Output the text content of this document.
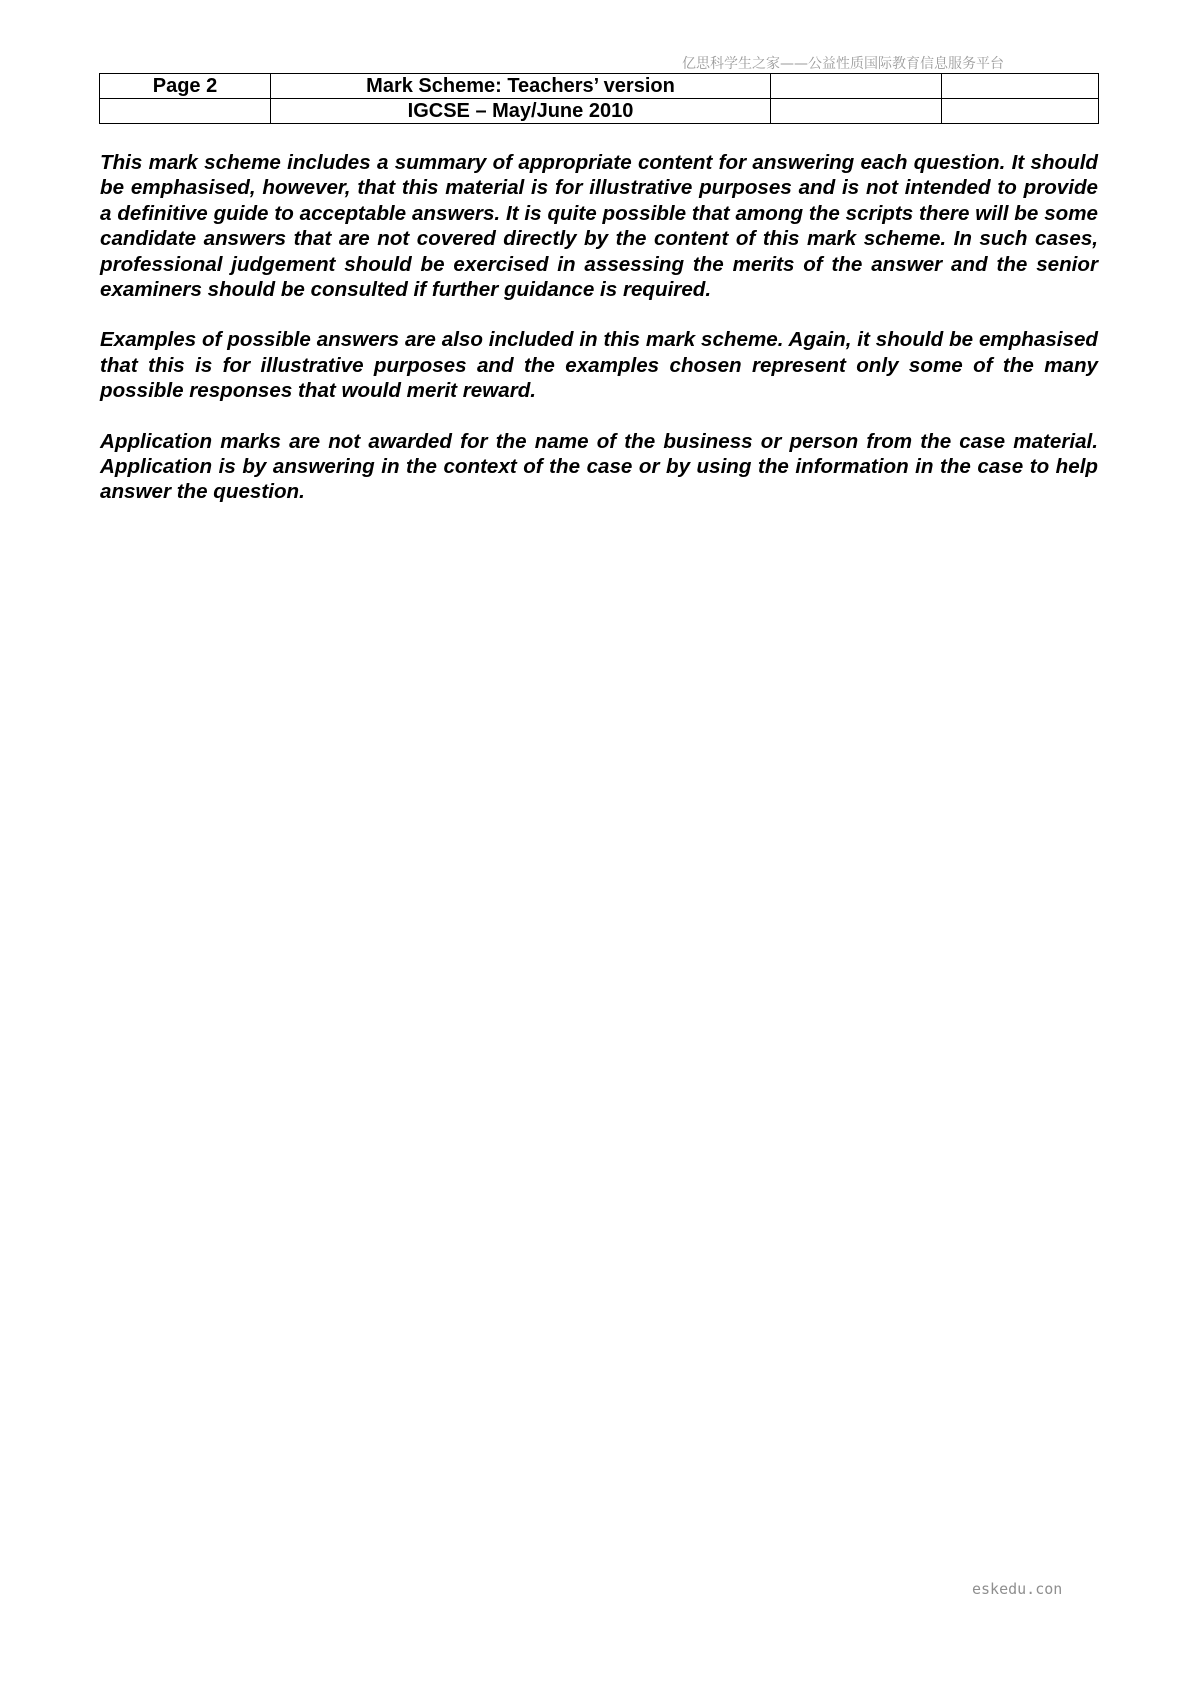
亿思科学生之家——公益性质国际教育信息服务平台
Page 2	Mark Scheme: Teachers’ version		
	IGCSE – May/June 2010		

This mark scheme includes a summary of appropriate content for answering each question. It should be emphasised, however, that this material is for illustrative purposes and is not intended to provide a definitive guide to acceptable answers. It is quite possible that among the scripts there will be some candidate answers that are not covered directly by the content of this mark scheme. In such cases, professional judgement should be exercised in assessing the merits of the answer and the senior examiners should be consulted if further guidance is required.

Examples of possible answers are also included in this mark scheme. Again, it should be emphasised that this is for illustrative purposes and the examples chosen represent only some of the many possible responses that would merit reward.

Application marks are not awarded for the name of the business or person from the case material. Application is by answering in the context of the case or by using the information in the case to help answer the question.

eskedu.con
